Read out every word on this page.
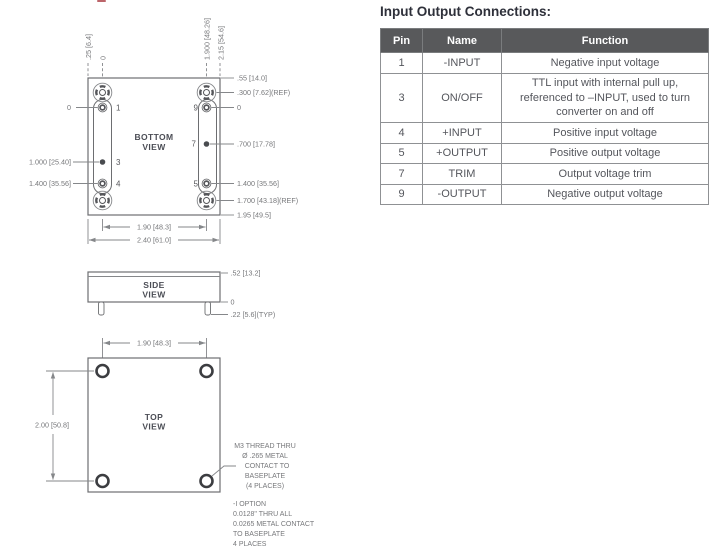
.25 [6.4] 0	1.900 [48.26] 2.15 [54.6]
1
3
4
9
7
5
BOTTOM
VIEW
0
1.000 [25.40]
1.400 [35.56]
.55 [14.0]
.300 [7.62](REF)
0
.700 [17.78]
1.400 [35.56]
1.700 [43.18](REF)
1.95 [49.5]
1.90 [48.3]
2.40 [61.0]
SIDE
VIEW
.52 [13.2]
0
.22 [5.6](TYP)
1.90 [48.3]
TOP
VIEW
2.00 [50.8]
M3 THREAD THRU
Ø .265 METAL
CONTACT TO
BASEPLATE
(4 PLACES)
-I OPTION
0.0128" THRU ALL
0.0265 METAL CONTACT
TO BASEPLATE
4 PLACES
Input Output Connections:
Pin	Name	Function
1	-INPUT	Negative input voltage
3	ON/OFF	TTL input with internal pull up, referenced to –INPUT, used to turn converter on and off
4	+INPUT	Positive input voltage
5	+OUTPUT	Positive output voltage
7	TRIM	Output voltage trim
9	-OUTPUT	Negative output voltage
